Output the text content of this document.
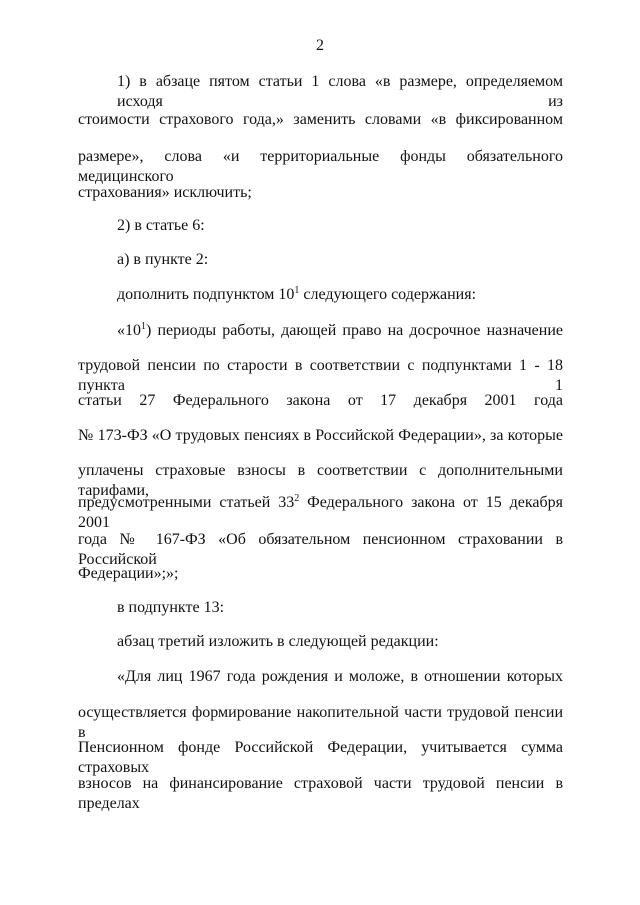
2
1) в абзаце пятом статьи 1 слова «в размере, определяемом исходя из
стоимости страхового года,» заменить словами «в фиксированном
размере», слова «и территориальные фонды обязательного медицинского
страхования» исключить;
2) в статье 6:
а) в пункте 2:
дополнить подпунктом $10^1$ следующего содержания:
«$10^1$) периоды работы, дающей право на досрочное назначение
трудовой пенсии по старости в соответствии с подпунктами 1 - 18 пункта 1
статьи 27 Федерального закона от 17 декабря 2001 года
№ 173-ФЗ «О трудовых пенсиях в Российской Федерации», за которые
уплачены страховые взносы в соответствии с дополнительными тарифами,
предусмотренными статьей $33^2$ Федерального закона от 15 декабря 2001
года № 167-ФЗ «Об обязательном пенсионном страховании в Российской
Федерации»;»;
в подпункте 13:
абзац третий изложить в следующей редакции:
«Для лиц 1967 года рождения и моложе, в отношении которых
осуществляется формирование накопительной части трудовой пенсии в
Пенсионном фонде Российской Федерации, учитывается сумма страховых
взносов на финансирование страховой части трудовой пенсии в пределах
